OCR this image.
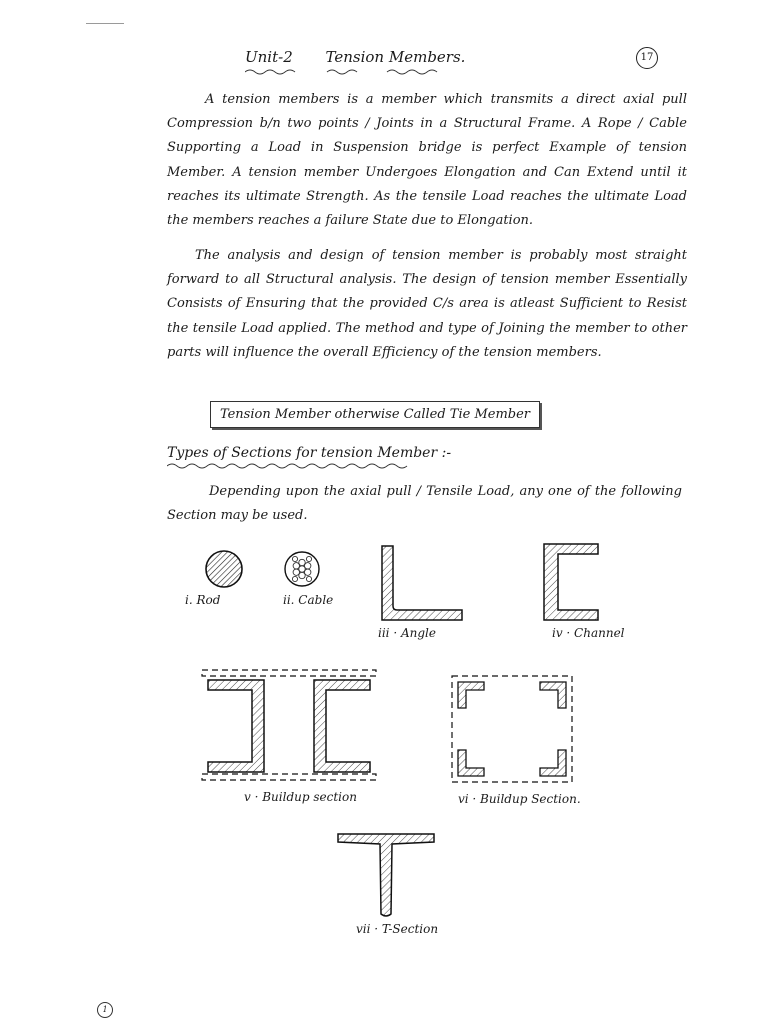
Unit-2 Tension Members.	17
A tension members is a member which transmits a direct axial pull Compression b/n two points / Joints in a Structural Frame. A Rope / Cable Supporting a Load in Suspension bridge is perfect Example of tension Member. A tension member Undergoes Elongation and Can Extend until it reaches its ultimate Strength. As the tensile Load reaches the ultimate Load the members reaches a failure State due to Elongation.
The analysis and design of tension member is probably most straight forward to all Structural analysis. The design of tension member Essentially Consists of Ensuring that the provided C/s area is atleast Sufficient to Resist the tensile Load applied. The method and type of Joining the member to other parts will influence the overall Efficiency of the tension members.
Tension Member otherwise Called Tie Member
Types of Sections for tension Member :-
Depending upon the axial pull / Tensile Load, any one of the following Section may be used.
i. Rod	ii. Cable
iii · Angle	iv · Channel
v · Buildup section	vi · Buildup Section.
vii · T-Section
1
